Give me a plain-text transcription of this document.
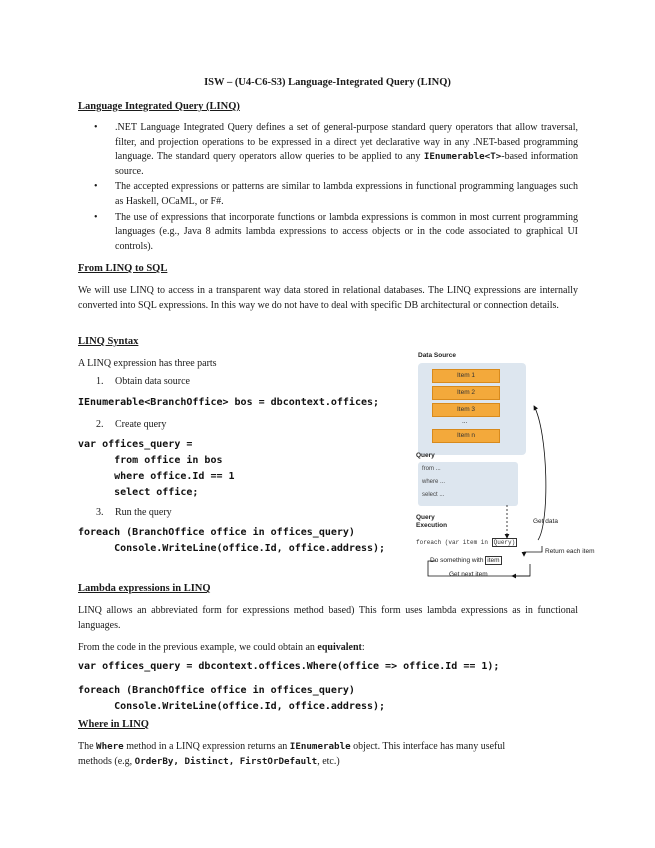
ISW – (U4-C6-S3) Language-Integrated Query (LINQ)
Language Integrated Query (LINQ)
• .NET Language Integrated Query defines a set of general-purpose standard query operators that allow traversal, filter, and projection operations to be expressed in a direct yet declarative way in any .NET-based programming language. The standard query operators allow queries to be applied to any IEnumerable<T>-based information source.
• The accepted expressions or patterns are similar to lambda expressions in functional programming languages such as Haskell, OCaML, or F#.
• The use of expressions that incorporate functions or lambda expressions is common in most current programming languages (e.g., Java 8 admits lambda expressions to access objects or in the code associated to graphical UI controls).
From LINQ to SQL
We will use LINQ to access in a transparent way data stored in relational databases. The LINQ expressions are internally converted into SQL expressions. In this way we do not have to deal with specific DB architectural or connection details.
LINQ Syntax
A LINQ expression has three parts
1. Obtain data source
IEnumerable<BranchOffice> bos = dbcontext.offices;
2. Create query
var offices_query =
from office in bos
where office.Id == 1
select office;
3. Run the query
foreach (BranchOffice office in offices_query)
Console.WriteLine(office.Id, office.address);
Data Source
Item 1
Item 2
Item 3
...
Item n
Query
from ...
where ...
select ...
Query
Execution
foreach (var item in Query)
Get data
Return each item
Do something with item
Get next item
Lambda expressions in LINQ
LINQ allows an abbreviated form for expressions method based) This form uses lambda expressions as in functional languages.
From the code in the previous example, we could obtain an equivalent:
var offices_query = dbcontext.offices.Where(office => office.Id == 1);
foreach (BranchOffice office in offices_query)
Console.WriteLine(office.Id, office.address);
Where in LINQ
The Where method in a LINQ expression returns an IEnumerable object. This interface has many useful
methods (e.g, OrderBy, Distinct, FirstOrDefault, etc.)
